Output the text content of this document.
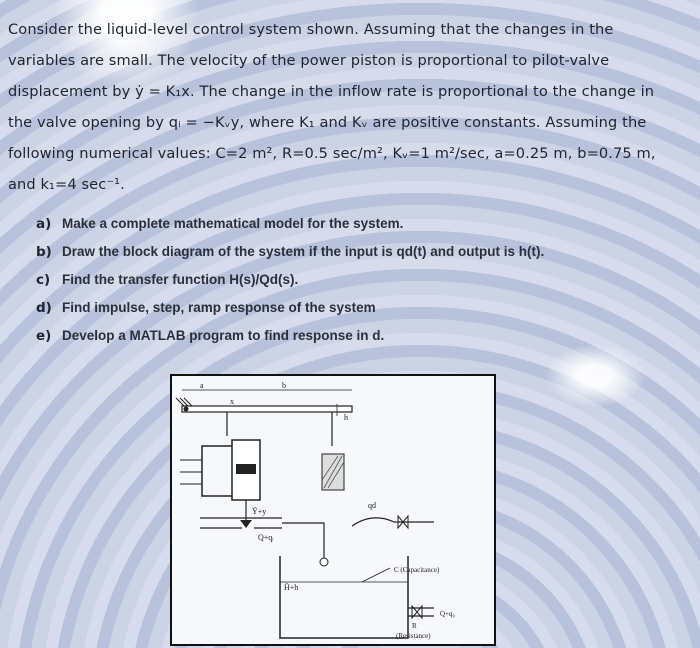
Consider the liquid-level control system shown. Assuming that the changes in the
variables are small. The velocity of the power piston is proportional to pilot-valve
displacement by ẏ = K₁x. The change in the inflow rate is proportional to the change in
the valve opening by qᵢ = −Kᵥy, where K₁ and Kᵥ are positive constants. Assuming the
following numerical values: C=2 m², R=0.5 sec/m², Kᵥ=1 m²/sec, a=0.25 m, b=0.75 m,
and k₁=4 sec⁻¹.
a) Make a complete mathematical model for the system.
b) Draw the block diagram of the system if the input is qd(t) and output is h(t).
c) Find the transfer function H(s)/Qd(s).
d) Find impulse, step, ramp response of the system
e) Develop a MATLAB program to find response in d.
a	b
x
h
Ȳ+y
Q+qᵢ
qd
C (Capacitance)
H̄+h
Q+q₀
R
(Resistance)
